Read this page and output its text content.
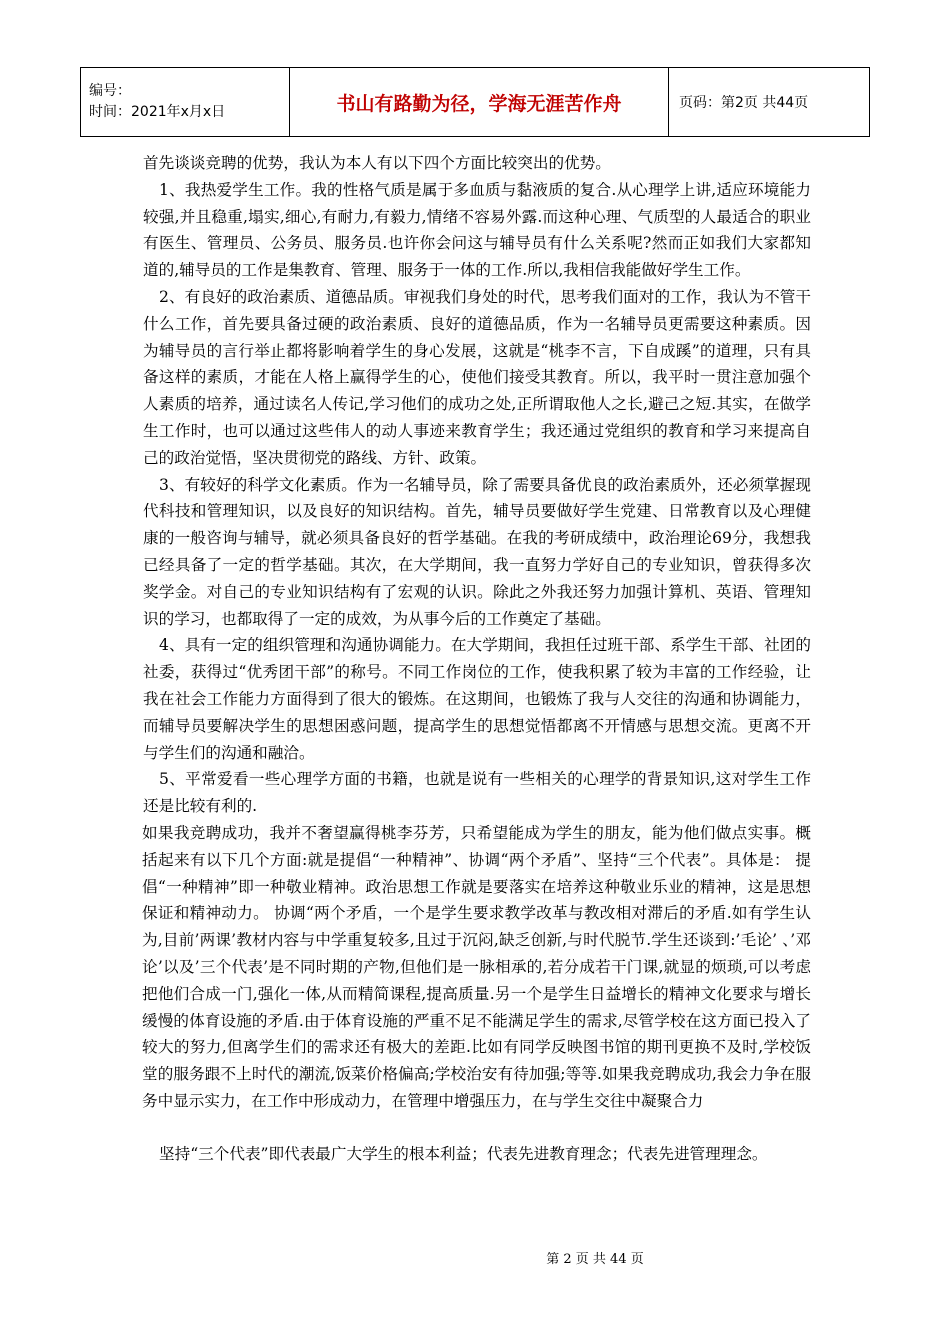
编号：
时间：2021年x月x日	书山有路勤为径，学海无涯苦作舟	页码：第2页 共44页

首先谈谈竞聘的优势，我认为本人有以下四个方面比较突出的优势。

1、我热爱学生工作。我的性格气质是属于多血质与黏液质的复合.从心理学上讲,适应环境能力较强,并且稳重,塌实,细心,有耐力,有毅力,情绪不容易外露.而这种心理、气质型的人最适合的职业有医生、管理员、公务员、服务员.也许你会问这与辅导员有什么关系呢?然而正如我们大家都知道的,辅导员的工作是集教育、管理、服务于一体的工作.所以,我相信我能做好学生工作。

2、有良好的政治素质、道德品质。审视我们身处的时代，思考我们面对的工作，我认为不管干什么工作，首先要具备过硬的政治素质、良好的道德品质，作为一名辅导员更需要这种素质。因为辅导员的言行举止都将影响着学生的身心发展，这就是“桃李不言，下自成蹊”的道理，只有具备这样的素质，才能在人格上赢得学生的心，使他们接受其教育。所以，我平时一贯注意加强个人素质的培养，通过读名人传记,学习他们的成功之处,正所谓取他人之长,避己之短.其实，在做学生工作时，也可以通过这些伟人的动人事迹来教育学生；我还通过党组织的教育和学习来提高自己的政治觉悟，坚决贯彻党的路线、方针、政策。

3、有较好的科学文化素质。作为一名辅导员，除了需要具备优良的政治素质外，还必须掌握现代科技和管理知识，以及良好的知识结构。首先，辅导员要做好学生党建、日常教育以及心理健康的一般咨询与辅导，就必须具备良好的哲学基础。在我的考研成绩中，政治理论69分，我想我已经具备了一定的哲学基础。其次，在大学期间，我一直努力学好自己的专业知识，曾获得多次奖学金。对自己的专业知识结构有了宏观的认识。除此之外我还努力加强计算机、英语、管理知识的学习，也都取得了一定的成效，为从事今后的工作奠定了基础。

4、具有一定的组织管理和沟通协调能力。在大学期间，我担任过班干部、系学生干部、社团的社委，获得过“优秀团干部”的称号。不同工作岗位的工作，使我积累了较为丰富的工作经验，让我在社会工作能力方面得到了很大的锻炼。在这期间，也锻炼了我与人交往的沟通和协调能力，而辅导员要解决学生的思想困惑问题，提高学生的思想觉悟都离不开情感与思想交流。更离不开与学生们的沟通和融洽。

5、平常爱看一些心理学方面的书籍，也就是说有一些相关的心理学的背景知识,这对学生工作还是比较有利的.

如果我竞聘成功，我并不奢望赢得桃李芬芳，只希望能成为学生的朋友，能为他们做点实事。概括起来有以下几个方面:就是提倡“一种精神”、协调“两个矛盾”、坚持“三个代表”。具体是： 提倡“一种精神”即一种敬业精神。政治思想工作就是要落实在培养这种敬业乐业的精神，这是思想保证和精神动力。 协调“两个矛盾，一个是学生要求教学改革与教改相对滞后的矛盾.如有学生认为,目前’两课’教材内容与中学重复较多,且过于沉闷,缺乏创新,与时代脱节.学生还谈到:’毛论’ 、’邓论’以及’三个代表’是不同时期的产物,但他们是一脉相承的,若分成若干门课,就显的烦琐,可以考虑把他们合成一门,强化一体,从而精简课程,提高质量.另一个是学生日益增长的精神文化要求与增长缓慢的体育设施的矛盾.由于体育设施的严重不足不能满足学生的需求,尽管学校在这方面已投入了较大的努力,但离学生们的需求还有极大的差距.比如有同学反映图书馆的期刊更换不及时,学校饭堂的服务跟不上时代的潮流,饭菜价格偏高;学校治安有待加强;等等.如果我竞聘成功,我会力争在服务中显示实力，在工作中形成动力，在管理中增强压力，在与学生交往中凝聚合力

坚持“三个代表”即代表最广大学生的根本利益；代表先进教育理念；代表先进管理理念。

第 2 页 共 44 页
